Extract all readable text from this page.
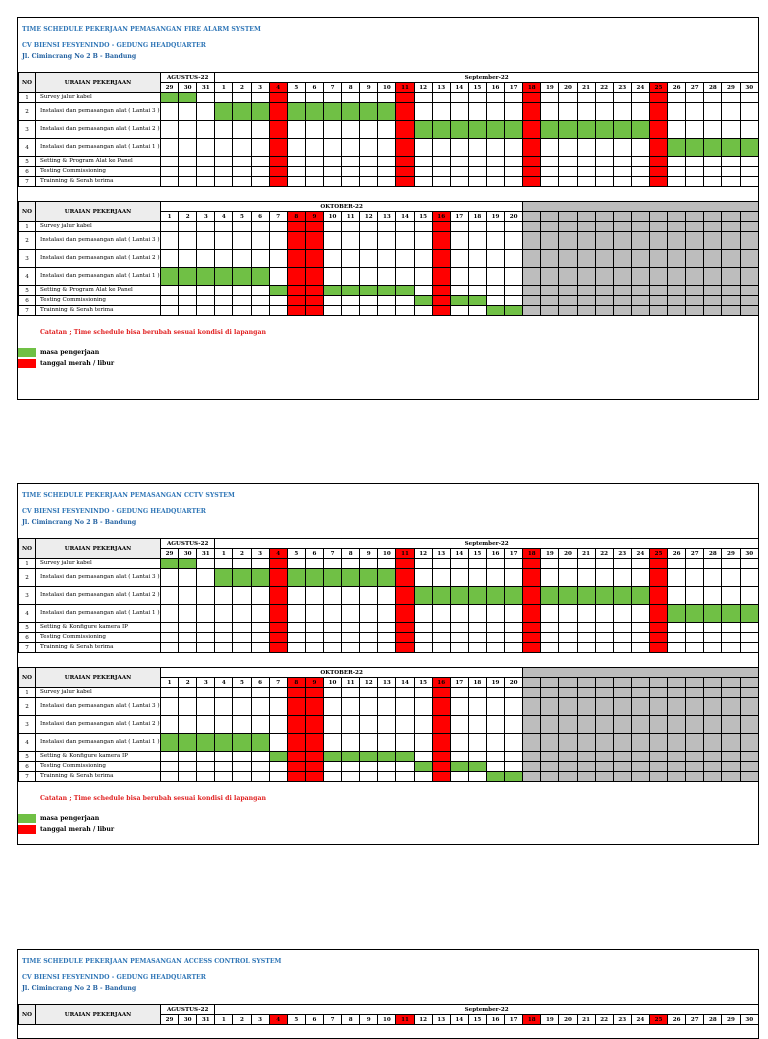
TIME SCHEDULE PEKERJAAN PEMASANGAN FIRE ALARM SYSTEM
CV BIENSI FESYENINDO - GEDUNG HEADQUARTER
Jl. Cimincrang No 2 B - Bandung
NO	URAIAN PEKERJAAN	AGUSTUS-22			September-22																													
		29	30	31	1	2	3	4	5	6	7	8	9	10	11	12	13	14	15	16	17	18	19	20	21	22	23	24	25	26	27	28	29	30
1	Survey jalur kabel																																	
2	Instalasi dan pemasangan alat ( Lantai 3 )																																	
3	Instalasi dan pemasangan alat ( Lantai 2 )																																	
4	Instalasi dan pemasangan alat ( Lantai 1 )																																	
5	Setting & Program Alat ke Panel																																	
6	Testing Commissioning																																	
7	Trainning & Serah terima																																	
NO	URAIAN PEKERJAAN	OKTOBER-22																																
		1	2	3	4	5	6	7	8	9	10	11	12	13	14	15	16	17	18	19	20													
1	Survey jalur kabel																																	
2	Instalasi dan pemasangan alat ( Lantai 3 )																																	
3	Instalasi dan pemasangan alat ( Lantai 2 )																																	
4	Instalasi dan pemasangan alat ( Lantai 1 )																																	
5	Setting & Program Alat ke Panel																																	
6	Testing Commissioning																																	
7	Trainning & Serah terima																																	
Catatan ; Time schedule bisa berubah sesuai kondisi di lapangan
masa pengerjaan
tanggal merah / libur
TIME SCHEDULE PEKERJAAN PEMASANGAN CCTV SYSTEM
CV BIENSI FESYENINDO - GEDUNG HEADQUARTER
Jl. Cimincrang No 2 B - Bandung
NO	URAIAN PEKERJAAN	AGUSTUS-22			September-22																													
		29	30	31	1	2	3	4	5	6	7	8	9	10	11	12	13	14	15	16	17	18	19	20	21	22	23	24	25	26	27	28	29	30
1	Survey jalur kabel																																	
2	Instalasi dan pemasangan alat ( Lantai 3 )																																	
3	Instalasi dan pemasangan alat ( Lantai 2 )																																	
4	Instalasi dan pemasangan alat ( Lantai 1 )																																	
5	Setting & Konfigure kamera IP																																	
6	Testing Commissioning																																	
7	Trainning & Serah terima																																	
NO	URAIAN PEKERJAAN	OKTOBER-22																																
		1	2	3	4	5	6	7	8	9	10	11	12	13	14	15	16	17	18	19	20													
1	Survey jalur kabel																																	
2	Instalasi dan pemasangan alat ( Lantai 3 )																																	
3	Instalasi dan pemasangan alat ( Lantai 2 )																																	
4	Instalasi dan pemasangan alat ( Lantai 1 )																																	
5	Setting & Konfigure kamera IP																																	
6	Testing Commissioning																																	
7	Trainning & Serah terima																																	
Catatan ; Time schedule bisa berubah sesuai kondisi di lapangan
masa pengerjaan
tanggal merah / libur
TIME SCHEDULE PEKERJAAN PEMASANGAN ACCESS CONTROL SYSTEM
CV BIENSI FESYENINDO - GEDUNG HEADQUARTER
Jl. Cimincrang No 2 B - Bandung
NO	URAIAN PEKERJAAN	AGUSTUS-22			September-22																													
		29	30	31	1	2	3	4	5	6	7	8	9	10	11	12	13	14	15	16	17	18	19	20	21	22	23	24	25	26	27	28	29	30
